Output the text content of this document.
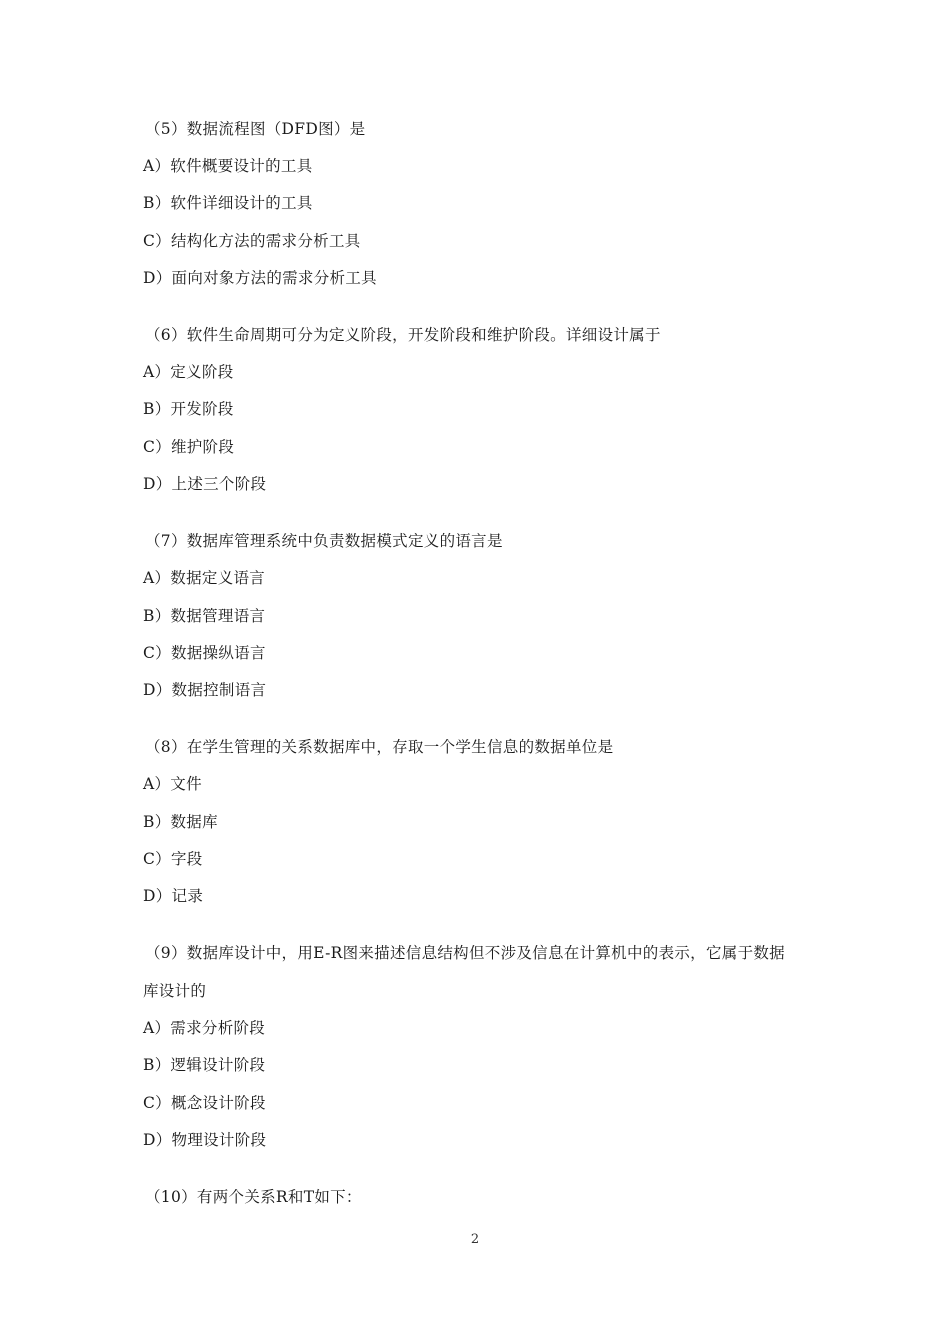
（5）数据流程图（DFD图）是
A）软件概要设计的工具
B）软件详细设计的工具
C）结构化方法的需求分析工具
D）面向对象方法的需求分析工具
（6）软件生命周期可分为定义阶段，开发阶段和维护阶段。详细设计属于
A）定义阶段
B）开发阶段
C）维护阶段
D）上述三个阶段
（7）数据库管理系统中负责数据模式定义的语言是
A）数据定义语言
B）数据管理语言
C）数据操纵语言
D）数据控制语言
（8）在学生管理的关系数据库中，存取一个学生信息的数据单位是
A）文件
B）数据库
C）字段
D）记录
（9）数据库设计中，用E-R图来描述信息结构但不涉及信息在计算机中的表示，它属于数据
库设计的
A）需求分析阶段
B）逻辑设计阶段
C）概念设计阶段
D）物理设计阶段
（10）有两个关系R和T如下：
2
